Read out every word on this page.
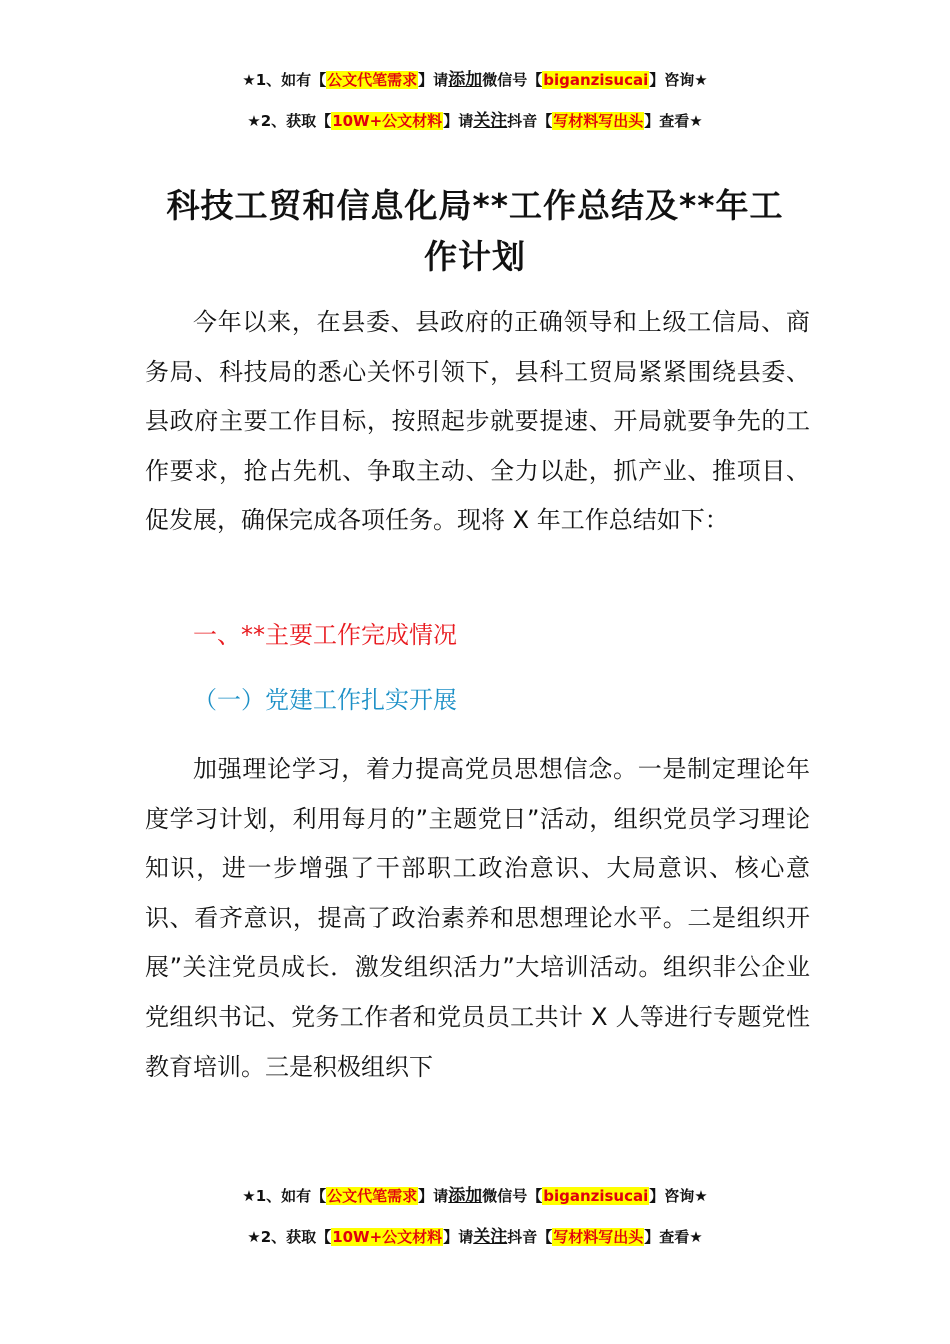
★1、如有【公文代笔需求】请添加微信号【biganzisucai】咨询★
★2、获取【10W+公文材料】请关注抖音【写材料写出头】查看★
科技工贸和信息化局**工作总结及**年工作计划
今年以来，在县委、县政府的正确领导和上级工信局、商务局、科技局的悉心关怀引领下，县科工贸局紧紧围绕县委、县政府主要工作目标，按照起步就要提速、开局就要争先的工作要求，抢占先机、争取主动、全力以赴，抓产业、推项目、促发展，确保完成各项任务。现将 X 年工作总结如下：
一、**主要工作完成情况
（一）党建工作扎实开展
加强理论学习，着力提高党员思想信念。一是制定理论年度学习计划，利用每月的”主题党日”活动，组织党员学习理论知识，进一步增强了干部职工政治意识、大局意识、核心意识、看齐意识，提高了政治素养和思想理论水平。二是组织开展”关注党员成长．激发组织活力”大培训活动。组织非公企业党组织书记、党务工作者和党员员工共计 X 人等进行专题党性教育培训。三是积极组织下
★1、如有【公文代笔需求】请添加微信号【biganzisucai】咨询★
★2、获取【10W+公文材料】请关注抖音【写材料写出头】查看★
